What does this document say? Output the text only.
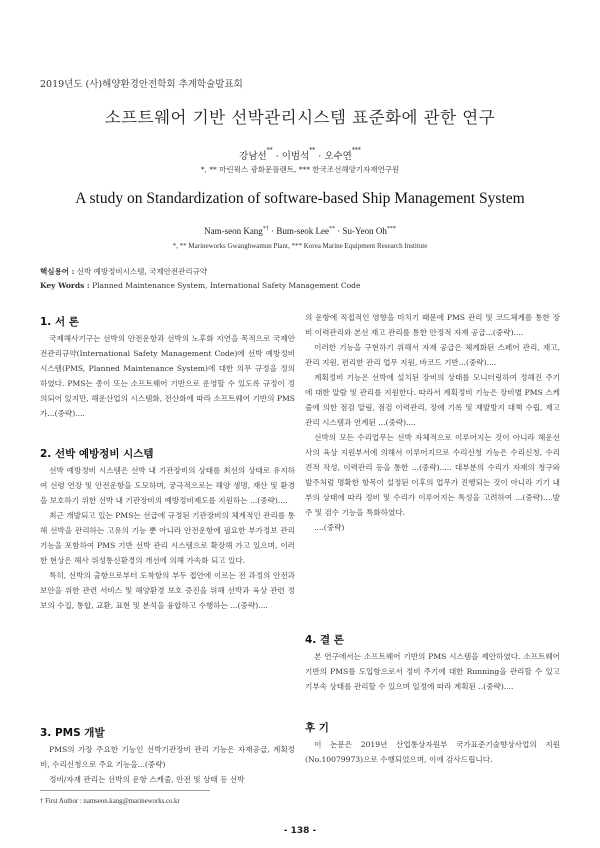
2019년도 (사)해양환경안전학회 추계학술발표회
소프트웨어 기반 선박관리시스템 표준화에 관한 연구
강남선** · 이범석** · 오수연***
*, ** 마린웍스 광화문플랜트, *** 한국조선해양기자재연구원
A study on Standardization of software-based Ship Management System
Nam-seon Kang*† · Bum-seok Lee** · Su-Yeon Oh***
*, ** Marineworks Gwanghwamun Plant, *** Korea Marine Equipment Research Institute
핵심용어 : 선박 예방정비시스템, 국제안전관리규약
Key Words : Planned Maintenance System, International Safety Management Code
1. 서 론

국제해사기구는 선박의 안전운항과 선박의 노후화 지연을 목적으로 국제안전관리규약(International Safety Management Code)에 선박 예방정비시스템(PMS, Planned Maintenance System)에 대한 의무 규정을 정의하였다. PMS는 종이 또는 소프트웨어 기반으로 운영할 수 있도록 규정이 정의되어 있지만, 해운산업의 시스템화, 전산화에 따라 소프트웨어 기반의 PMS가...(중략)....

2. 선박 예방정비 시스템

선박 예방정비 시스템은 선박 내 기관장비의 상태를 최선의 상태로 유지하여 선령 연장 및 안전운항을 도모하며, 궁극적으로는 해양 생명, 재산 및 환경을 보호하기 위한 선박 내 기관장비의 예방정비제도를 지원하는 ...(중략)....

최근 개발되고 있는 PMS는 선급에 규정된 기관장비의 체계적인 관리를 통해 선박을 관리하는 고유의 기능 뿐 아니라 안전운항에 필요한 부가정보 관리 기능을 포함하여 PMS 기반 선박 관리 시스템으로 확장해 가고 있으며, 이러한 현상은 해사 위성통신환경의 개선에 의해 가속화 되고 있다.

특히, 선박의 출항으로부터 도착항의 부두 접안에 이르는 전 과정의 안전과 보안을 위한 관련 서비스 및 해양환경 보호 증진을 위해 선박과 육상 관련 정보의 수집, 통합, 교환, 표현 및 분석을 융합하고 수행하는 ...(중략)....

3. PMS 개발

PMS의 가장 주요한 기능인 선박기관장비 관리 기능은 자재공급, 계획정비, 수리신청으로 주요 기능을...(중략)

정비/자재 관리는 선박의 운항 스케줄, 안전 및 상태 등 선박

의 운항에 직접적인 영향을 미치기 때문에 PMS 관리 및 코드체계를 통한 장비 이력관리와 본선 재고 관리를 통한 안정적 자재 공급...(중략)....

이러한 기능을 구현하기 위해서 자재 공급은 체계화된 스페어 관리, 재고, 관리 지원, 편리한 관리 업무 지원, 바코드 기반...(중략)....

계획정비 기능은 선박에 설치된 장비의 상태를 모니터링하여 정해진 주기에 대한 알람 및 관리를 지원한다. 따라서 계획정비 기능은 장비별 PMS 스케줄에 의한 점검 알림, 점검 이력관리, 장애 기록 및 재발방지 대책 수립, 재고관리 시스템과 연계된 ...(중략)....

선박의 모든 수리업무는 선박 자체적으로 이루어지는 것이 아니라 해운선사의 육상 지원부서에 의해서 이루어지므로 수리신청 기능은 수리신청, 수리견적 작성, 이력관리 등을 통한 ...(중략)..... 대부분의 수리가 자재의 청구와 발주처럼 명확한 항목이 설정된 이후의 업무가 진행되는 것이 아니라 기기 내부의 상태에 따라 정비 및 수리가 이루어지는 특성을 고려하여 ...(중략)....발주 및 검수 기능을 특화하였다.

....(중략)

4. 결 론

본 연구에서는 소프트웨어 기반의 PMS 시스템을 제안하였다. 소프트웨어 기반의 PMS를 도입함으로서 정비 주기에 대한 Running을 관리할 수 있고 기부속 상태를 관리할 수 있으며 일정에 따라 계획된 ..(중략)....

후 기

이 논문은 2019년 산업통상자원부 국가표준기술향상사업의 지원(No.10079973)으로 수행되었으며, 이에 감사드립니다.

† First Author : namseon.kang@marineworks.co.kr
- 138 -
